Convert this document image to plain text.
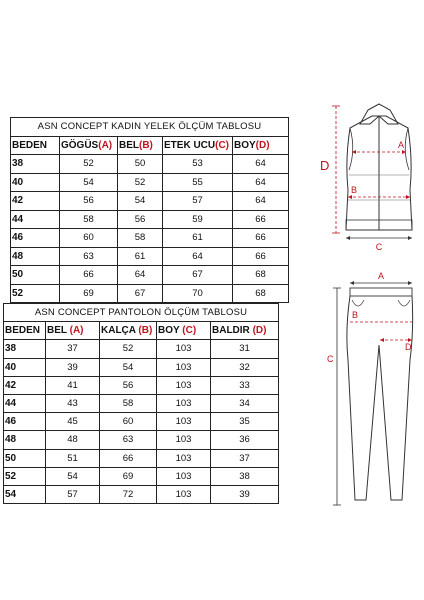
ASN CONCEPT KADIN YELEK ÖLÇÜM TABLOSU				
BEDEN	GÖGÜS(A)	BEL(B)	ETEK UCU(C)	BOY(D)
38	52	50	53	64
40	54	52	55	64
42	56	54	57	64
44	58	56	59	66
46	60	58	61	66
48	63	61	64	66
50	66	64	67	68
52	69	67	70	68
ASN CONCEPT PANTOLON ÖLÇÜM TABLOSU				
BEDEN	BEL (A)	KALÇA (B)	BOY (C)	BALDIR (D)
38	37	52	103	31
40	39	54	103	32
42	41	56	103	33
44	43	58	103	34
46	45	60	103	35
48	48	63	103	36
50	51	66	103	37
52	54	69	103	38
54	57	72	103	39
D
A
B
C
A
B
D
C
